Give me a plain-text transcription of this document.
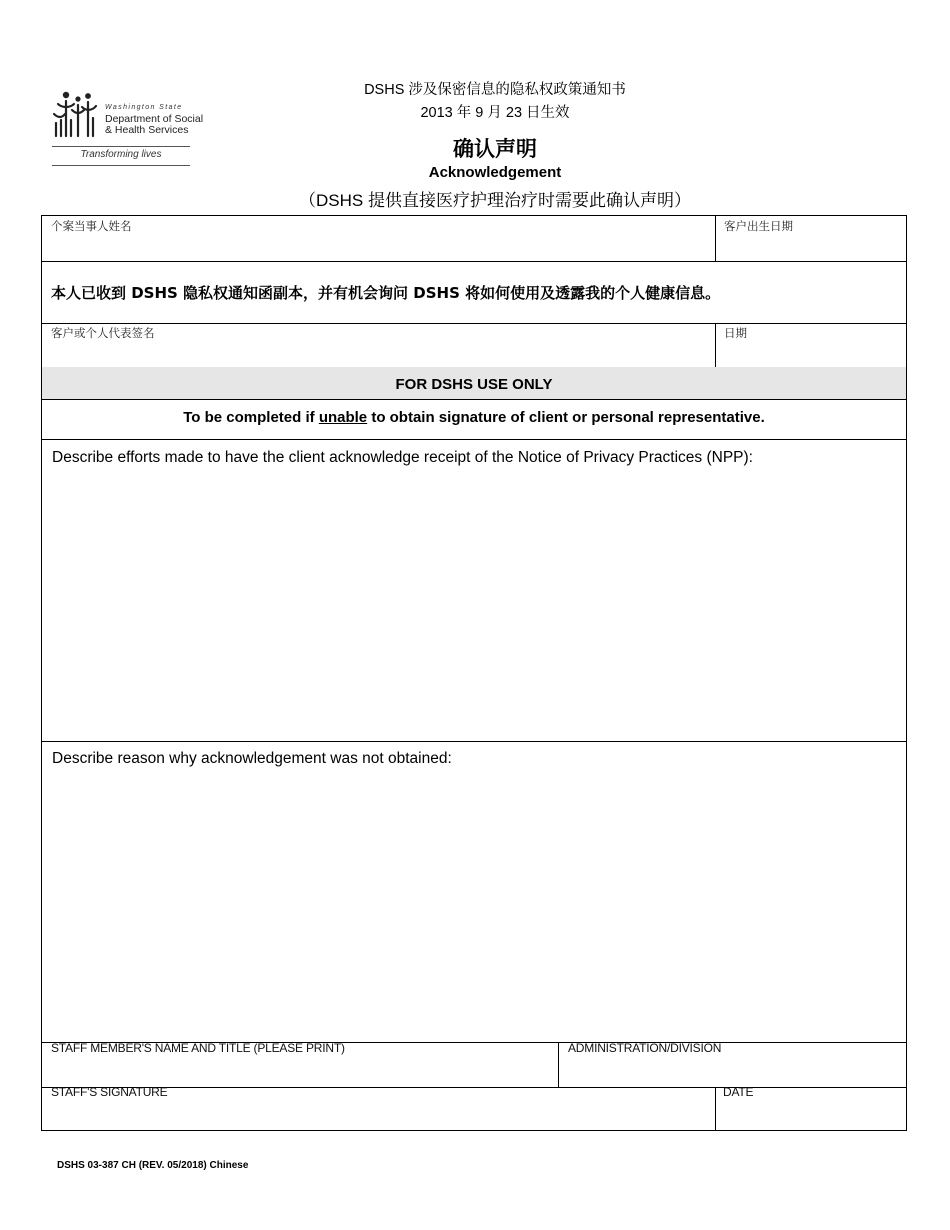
Washington State
Department of Social
& Health Services
Transforming lives
DSHS 涉及保密信息的隐私权政策通知书
2013 年 9 月 23 日生效
确认声明
Acknowledgement
（DSHS 提供直接医疗护理治疗时需要此确认声明）
个案当事人姓名	客户出生日期
本人已收到 DSHS 隐私权通知函副本，并有机会询问 DSHS 将如何使用及透露我的个人健康信息。
客户或个人代表签名	日期
FOR DSHS USE ONLY
To be completed if unable to obtain signature of client or personal representative.
Describe efforts made to have the client acknowledge receipt of the Notice of Privacy Practices (NPP):
Describe reason why acknowledgement was not obtained:
STAFF MEMBER'S NAME AND TITLE (PLEASE PRINT)	ADMINISTRATION/DIVISION
STAFF'S SIGNATURE	DATE
DSHS 03-387 CH (REV. 05/2018) Chinese
